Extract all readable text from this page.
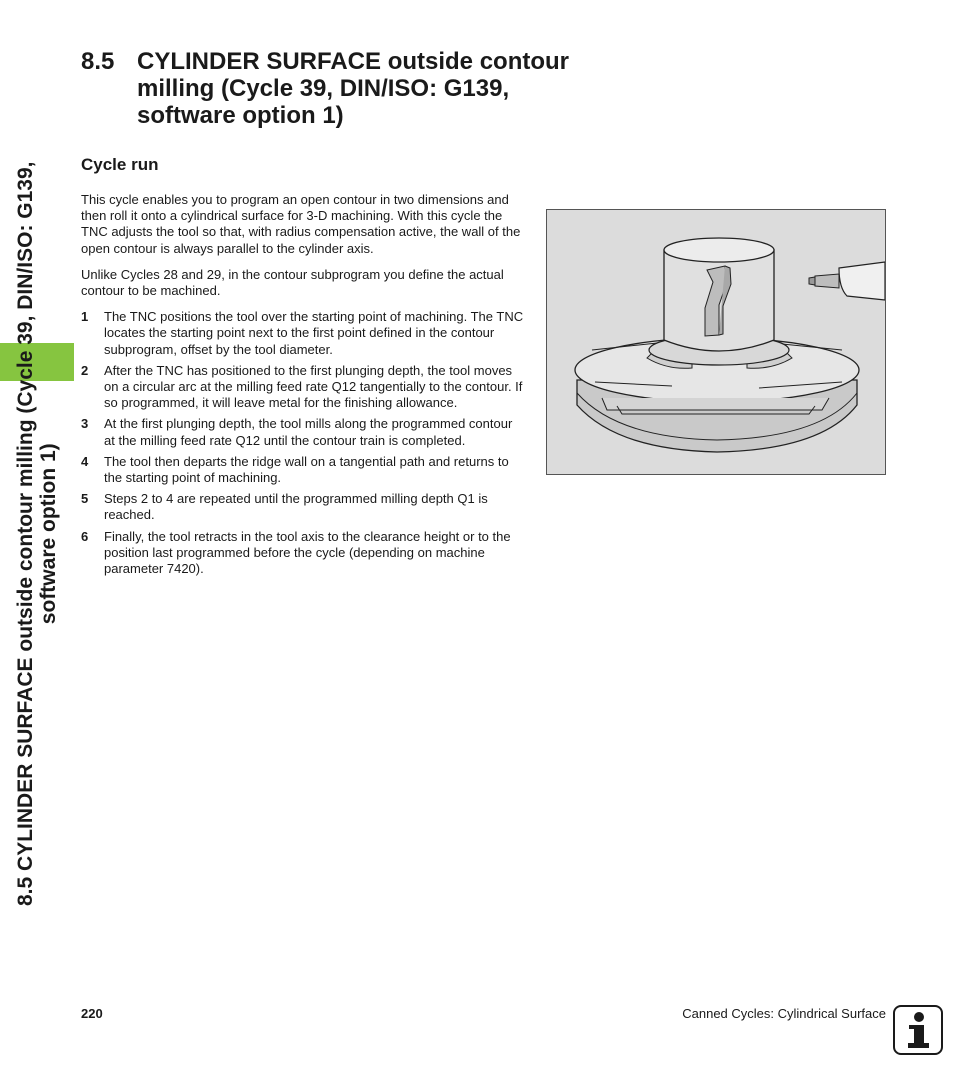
8.5 CYLINDER SURFACE outside contour milling (Cycle 39, DIN/ISO: G139, software option 1)
8.5 CYLINDER SURFACE outside contour milling (Cycle 39, DIN/ISO: G139, software option 1)
Cycle run

This cycle enables you to program an open contour in two dimensions and then roll it onto a cylindrical surface for 3-D machining. With this cycle the TNC adjusts the tool so that, with radius compensation active, the wall of the open contour is always parallel to the cylinder axis.

Unlike Cycles 28 and 29, in the contour subprogram you define the actual contour to be machined.

1 The TNC positions the tool over the starting point of machining. The TNC locates the starting point next to the first point defined in the contour subprogram, offset by the tool diameter.
2 After the TNC has positioned to the first plunging depth, the tool moves on a circular arc at the milling feed rate Q12 tangentially to the contour. If so programmed, it will leave metal for the finishing allowance.
3 At the first plunging depth, the tool mills along the programmed contour at the milling feed rate Q12 until the contour train is completed.
4 The tool then departs the ridge wall on a tangential path and returns to the starting point of machining.
5 Steps 2 to 4 are repeated until the programmed milling depth Q1 is reached.
6 Finally, the tool retracts in the tool axis to the clearance height or to the position last programmed before the cycle (depending on machine parameter 7420).
220	Canned Cycles: Cylindrical Surface
